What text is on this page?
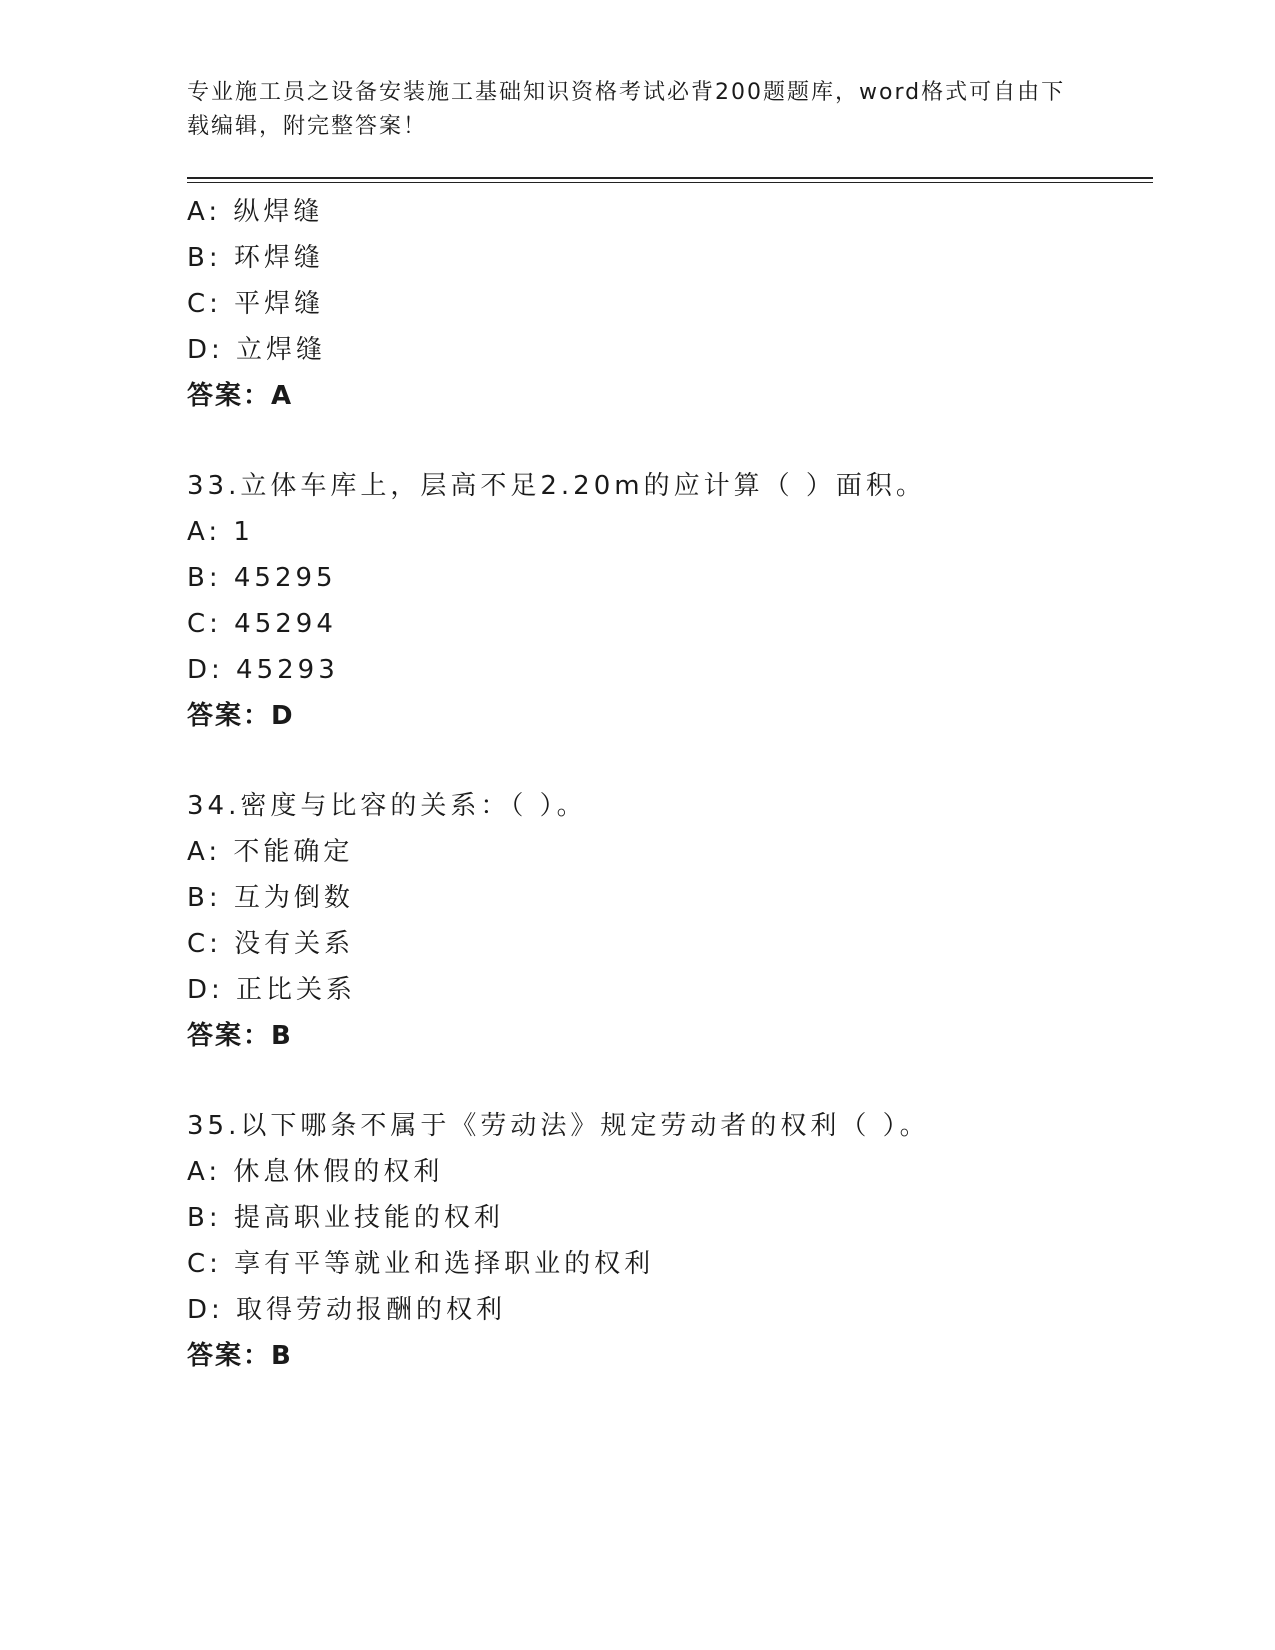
专业施工员之设备安装施工基础知识资格考试必背200题题库，word格式可自由下载编辑，附完整答案！
A: 纵焊缝
B: 环焊缝
C: 平焊缝
D: 立焊缝
答案：A
33.立体车库上，层高不足2.20m的应计算（ ）面积。
A: 1
B: 45295
C: 45294
D: 45293
答案：D
34.密度与比容的关系：（ ）。
A: 不能确定
B: 互为倒数
C: 没有关系
D: 正比关系
答案：B
35.以下哪条不属于《劳动法》规定劳动者的权利（ ）。
A: 休息休假的权利
B: 提高职业技能的权利
C: 享有平等就业和选择职业的权利
D: 取得劳动报酬的权利
答案：B
